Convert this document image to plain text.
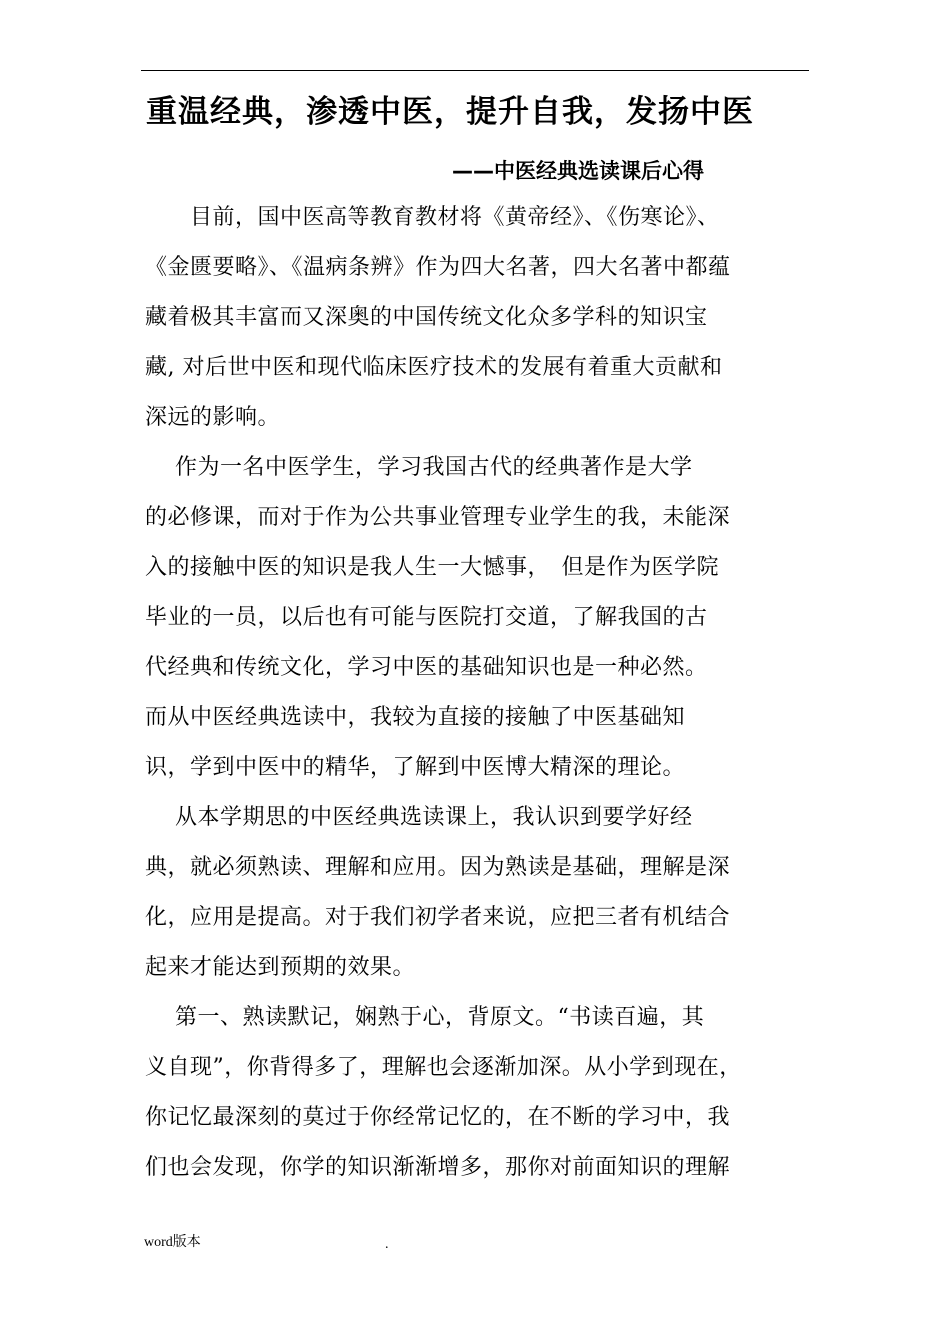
重温经典，渗透中医，提升自我，发扬中医
——中医经典选读课后心得
　　目前，国中医高等教育教材将《黄帝经》、《伤寒论》、
《金匮要略》、《温病条辨》作为四大名著，四大名著中都蕴
藏着极其丰富而又深奥的中国传统文化众多学科的知识宝
藏, 对后世中医和现代临床医疗技术的发展有着重大贡献和
深远的影响。
　 作为一名中医学生，学习我国古代的经典著作是大学
的必修课，而对于作为公共事业管理专业学生的我，未能深
入的接触中医的知识是我人生一大憾事，　但是作为医学院
毕业的一员，以后也有可能与医院打交道，了解我国的古
代经典和传统文化，学习中医的基础知识也是一种必然。
而从中医经典选读中，我较为直接的接触了中医基础知
识，学到中医中的精华，了解到中医博大精深的理论。
　 从本学期思的中医经典选读课上，我认识到要学好经
典，就必须熟读、理解和应用。因为熟读是基础，理解是深
化，应用是提高。对于我们初学者来说，应把三者有机结合
起来才能达到预期的效果。
　 第一、熟读默记，娴熟于心，背原文。“书读百遍，其
义自现”，你背得多了，理解也会逐渐加深。从小学到现在，
你记忆最深刻的莫过于你经常记忆的，在不断的学习中，我
们也会发现，你学的知识渐渐增多，那你对前面知识的理解
word版本	.
